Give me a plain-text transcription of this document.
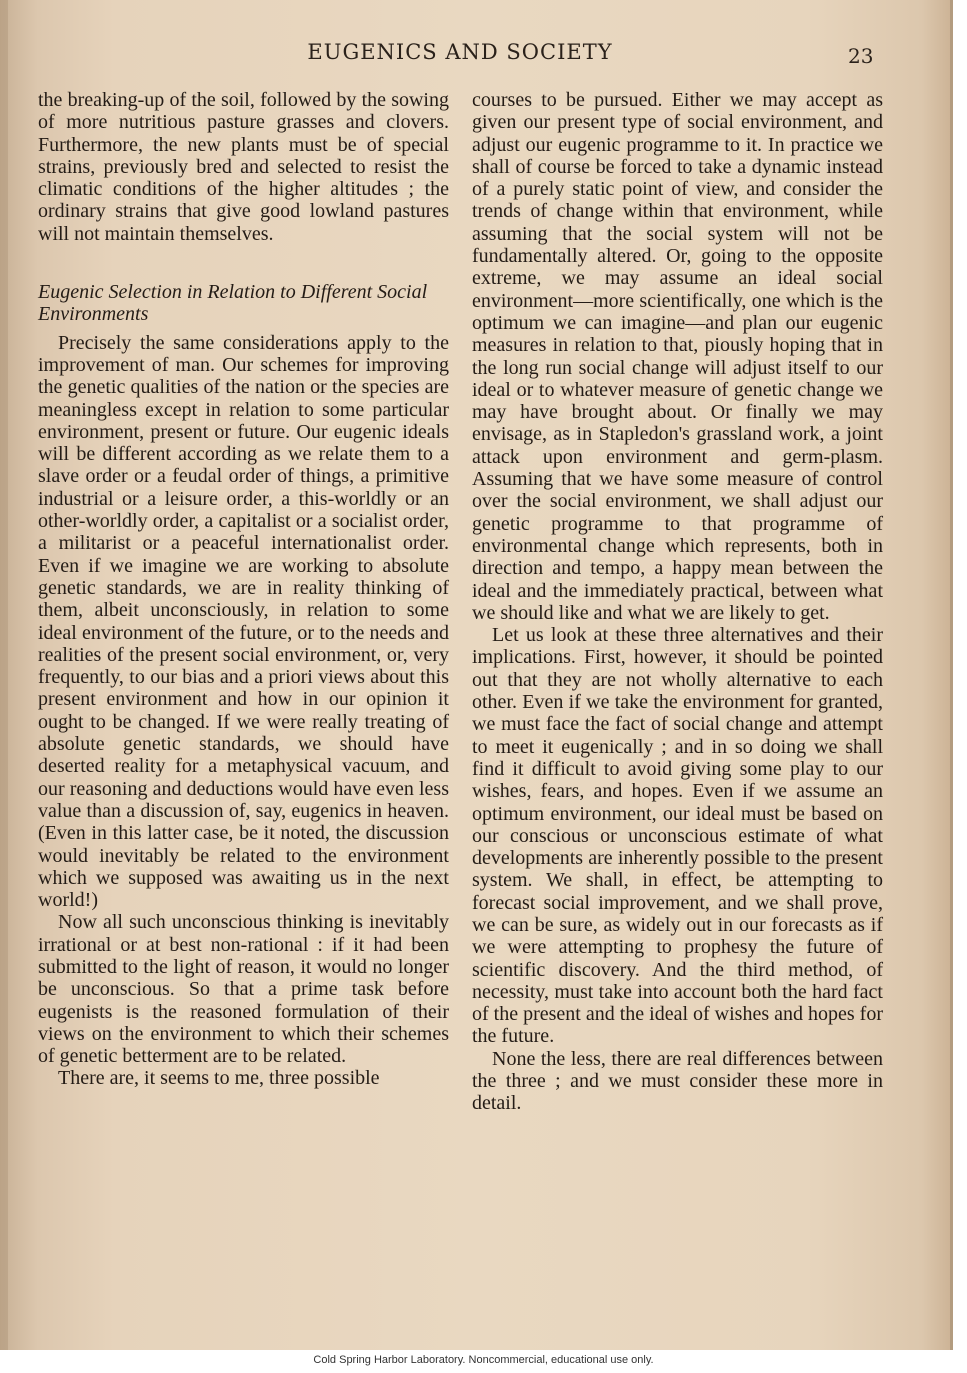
EUGENICS AND SOCIETY	23

the breaking-up of the soil, followed by the sowing of more nutritious pasture grasses and clovers. Furthermore, the new plants must be of special strains, previously bred and selected to resist the climatic conditions of the higher altitudes ; the ordinary strains that give good lowland pastures will not maintain themselves.

Eugenic Selection in Relation to Different Social Environments

Precisely the same considerations apply to the improvement of man. Our schemes for improving the genetic qualities of the nation or the species are meaningless except in relation to some particular environment, present or future. Our eugenic ideals will be different according as we relate them to a slave order or a feudal order of things, a primitive industrial or a leisure order, a this-worldly or an other-worldly order, a capitalist or a socialist order, a militarist or a peaceful internationalist order. Even if we imagine we are working to absolute genetic standards, we are in reality thinking of them, albeit unconsciously, in relation to some ideal environment of the future, or to the needs and realities of the present social environment, or, very frequently, to our bias and a priori views about this present environment and how in our opinion it ought to be changed. If we were really treating of absolute genetic standards, we should have deserted reality for a metaphysical vacuum, and our reasoning and deductions would have even less value than a discussion of, say, eugenics in heaven. (Even in this latter case, be it noted, the discussion would inevitably be related to the environment which we supposed was awaiting us in the next world!)

Now all such unconscious thinking is inevitably irrational or at best non-rational : if it had been submitted to the light of reason, it would no longer be unconscious. So that a prime task before eugenists is the reasoned formulation of their views on the environment to which their schemes of genetic betterment are to be related.

There are, it seems to me, three possible

courses to be pursued. Either we may accept as given our present type of social environment, and adjust our eugenic programme to it. In practice we shall of course be forced to take a dynamic instead of a purely static point of view, and consider the trends of change within that environment, while assuming that the social system will not be fundamentally altered. Or, going to the opposite extreme, we may assume an ideal social environment—more scientifically, one which is the optimum we can imagine—and plan our eugenic measures in relation to that, piously hoping that in the long run social change will adjust itself to our ideal or to whatever measure of genetic change we may have brought about. Or finally we may envisage, as in Stapledon's grassland work, a joint attack upon environment and germ-plasm. Assuming that we have some measure of control over the social environment, we shall adjust our genetic programme to that programme of environmental change which represents, both in direction and tempo, a happy mean between the ideal and the immediately practical, between what we should like and what we are likely to get.

Let us look at these three alternatives and their implications. First, however, it should be pointed out that they are not wholly alternative to each other. Even if we take the environment for granted, we must face the fact of social change and attempt to meet it eugenically ; and in so doing we shall find it difficult to avoid giving some play to our wishes, fears, and hopes. Even if we assume an optimum environment, our ideal must be based on our conscious or unconscious estimate of what developments are inherently possible to the present system. We shall, in effect, be attempting to forecast social improvement, and we shall prove, we can be sure, as widely out in our forecasts as if we were attempting to prophesy the future of scientific discovery. And the third method, of necessity, must take into account both the hard fact of the present and the ideal of wishes and hopes for the future.

None the less, there are real differences between the three ; and we must consider these more in detail.

Cold Spring Harbor Laboratory. Noncommercial, educational use only.
